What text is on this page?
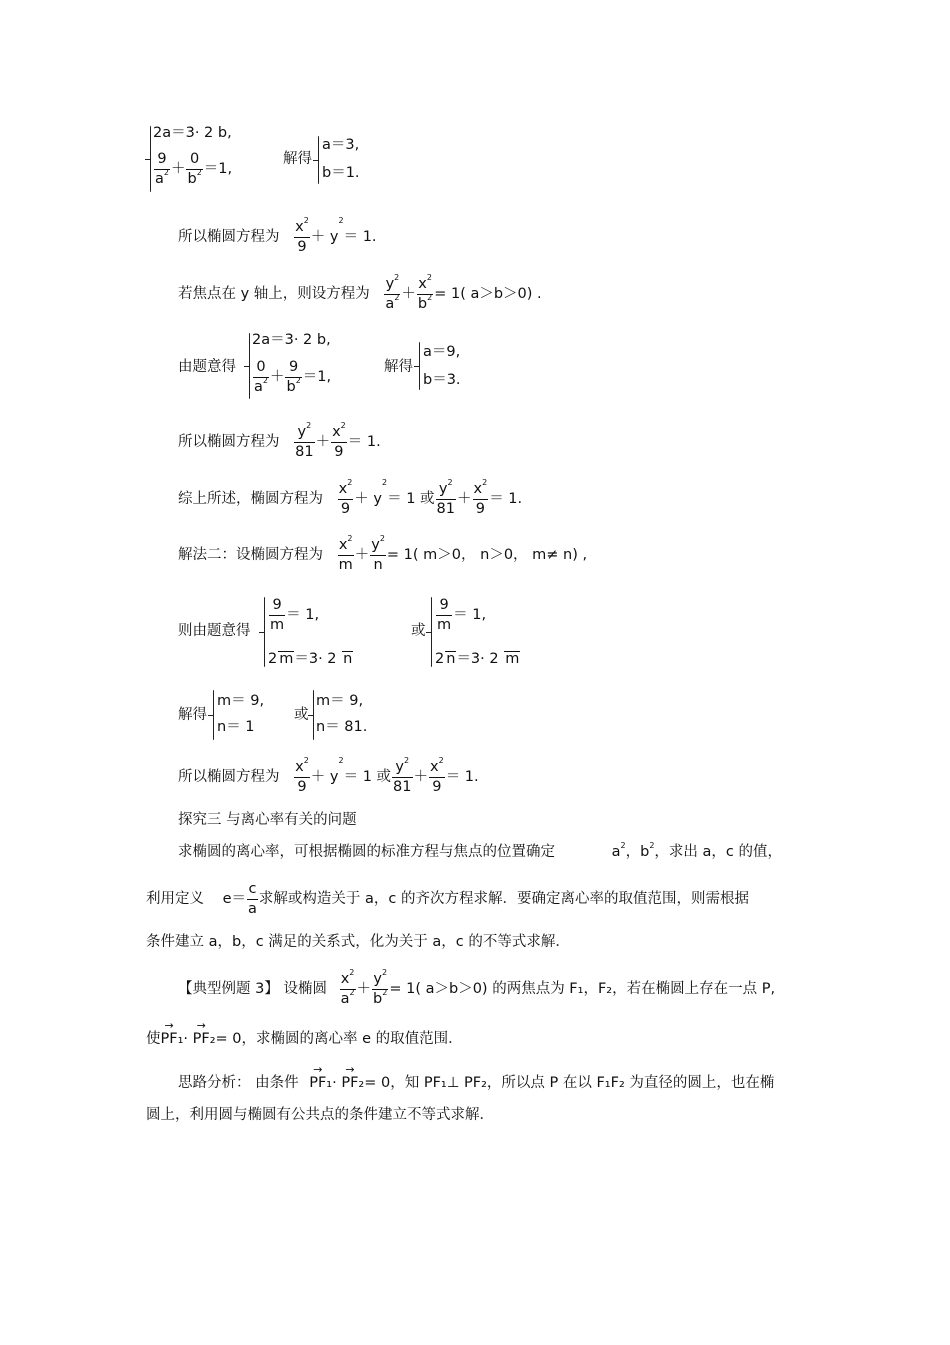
2a＝3· 2 b,
$\frac{9}{a^2} + \frac{0}{b^2} =1$,
解得
a＝3,
b＝1.
所以椭圆方程为 $\frac{x^2}{9} + y^2= 1$.
若焦点在 y 轴上，则设方程为 $\frac{y^2}{a^2} + \frac{x^2}{b^2} = 1$( a＞b＞0) .
由题意得
2a＝3· 2 b,
$\frac{0}{a^2} + \frac{9}{b^2} =1$,
解得
a＝9,
b＝3.
所以椭圆方程为 $\frac{y^2}{81} + \frac{x^2}{9} = 1$.
综上所述，椭圆方程为 $\frac{x^2}{9} + y^2= 1$ 或 $\frac{y^2}{81} + \frac{x^2}{9} = 1$.
解法二：设椭圆方程为 $\frac{x^2}{m} + \frac{y^2}{n} = 1$( m＞0， n＞0， m≠ n) ,
则由题意得 $\frac{9}{m} = 1$,
2 m＝3· 2 n
或 $\frac{9}{m} = 1$,
2 n＝3· 2 m
解得
m＝ 9,
n＝ 1
或
m＝ 9,
n＝ 81.
所以椭圆方程为 $\frac{x^2}{9} + y^2= 1$ 或 $\frac{y^2}{81} + \frac{x^2}{9} = 1$.
探究三 与离心率有关的问题
求椭圆的离心率，可根据椭圆的标准方程与焦点的位置确定	$a^2$，$b^2$，求出 a，c 的值，
利用定义 $e= \frac{c}{a}$ 求解或构造关于 a，c 的齐次方程求解．要确定离心率的取值范围，则需根据
条件建立 a，b，c 满足的关系式，化为关于 a，c 的不等式求解．
【典型例题 3】 设椭圆 $\frac{x^2}{a^2} + \frac{y^2}{b^2} = 1$( a＞b＞0) 的两焦点为 F₁，F₂，若在椭圆上存在一点 P,
使PF₁ →· PF₂ →= 0，求椭圆的离心率 e 的取值范围．
思路分析： 由条件 PF₁ →· PF₂ →= 0，知 PF₁⊥ PF₂，所以点 P 在以 F₁F₂ 为直径的圆上，也在椭
圆上，利用圆与椭圆有公共点的条件建立不等式求解．
